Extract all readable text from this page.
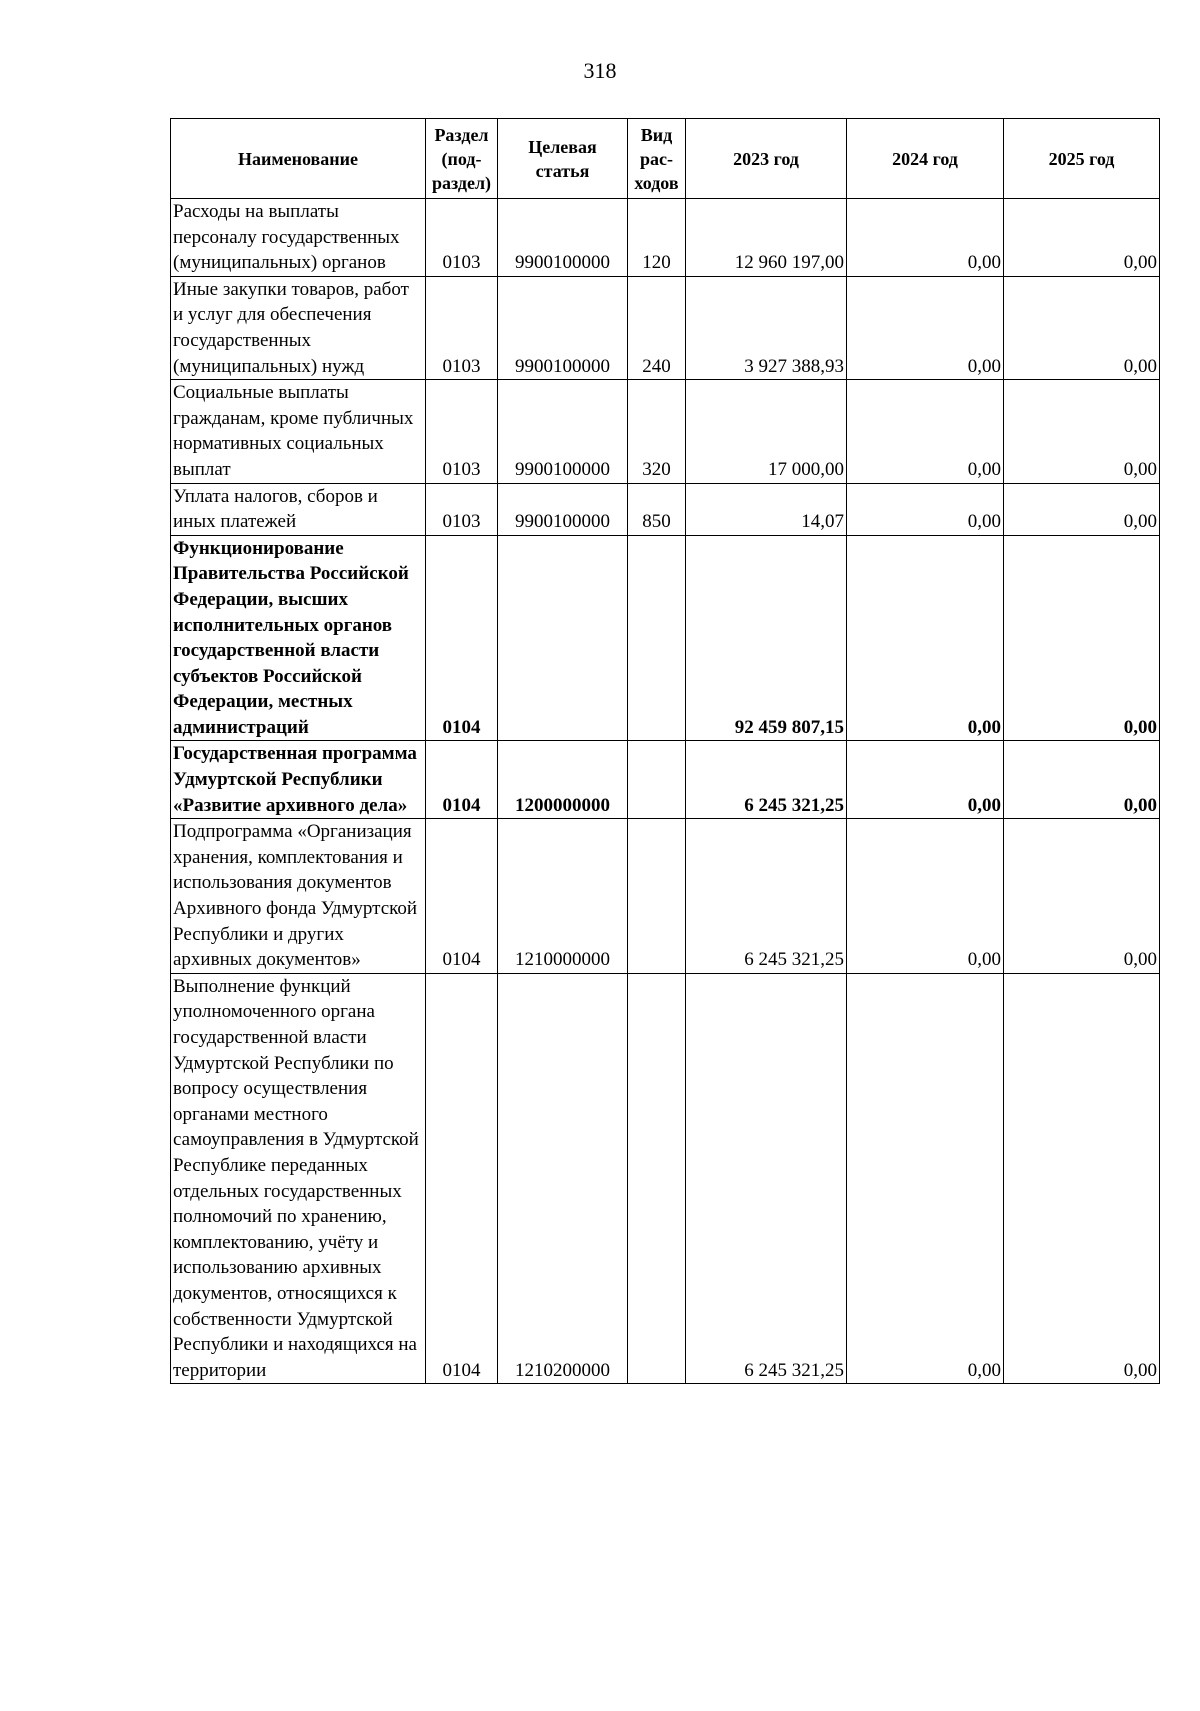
318
Наименование	Раздел(под-раздел)	Целеваястатья	Видрас-ходов	2023 год	2024 год	2025 год
Расходы на выплаты персоналу государственных (муниципальных) органов	0103	9900100000	120	12 960 197,00	0,00	0,00
Иные закупки товаров, работ и услуг для обеспечения государственных (муниципальных) нужд	0103	9900100000	240	3 927 388,93	0,00	0,00
Социальные выплаты гражданам, кроме публичных нормативных социальных выплат	0103	9900100000	320	17 000,00	0,00	0,00
Уплата налогов, сборов и иных платежей	0103	9900100000	850	14,07	0,00	0,00
Функционирование Правительства Российской Федерации, высших исполнительных органов государственной власти субъектов Российской Федерации, местных администраций	0104			92 459 807,15	0,00	0,00
Государственная программа Удмуртской Республики «Развитие архивного дела»	0104	1200000000		6 245 321,25	0,00	0,00
Подпрограмма «Организация хранения, комплектования и использования документов Архивного фонда Удмуртской Республики и других архивных документов»	0104	1210000000		6 245 321,25	0,00	0,00
Выполнение функций уполномоченного органа государственной власти Удмуртской Республики по вопросу осуществления органами местного самоуправления в Удмуртской Республике переданных отдельных государственных полномочий по хранению, комплектованию, учёту и использованию архивных документов, относящихся к собственности Удмуртской Республики и находящихся на территории	0104	1210200000		6 245 321,25	0,00	0,00
